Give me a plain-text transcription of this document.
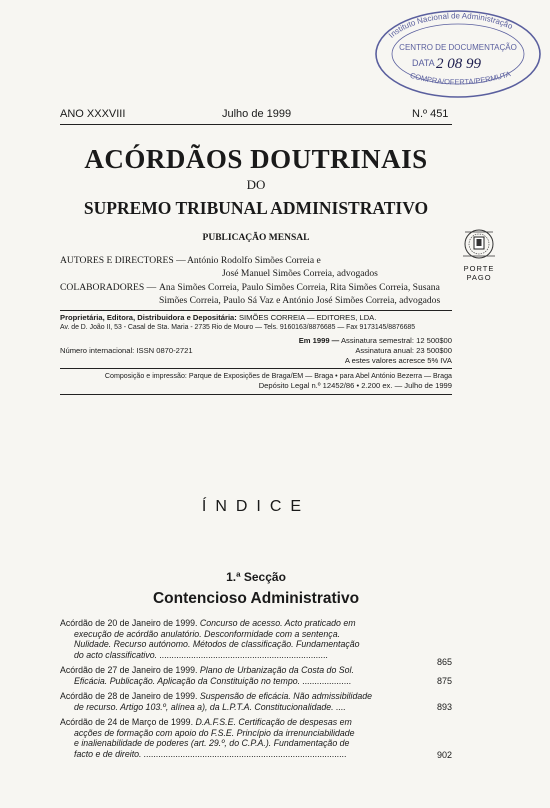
Instituto Nacional de Administração
CENTRO DE DOCUMENTAÇÃO
DATA 2 08 99
COMPRA/OFERTA/PERMUTA
ANO XXXVIII	Julho de 1999	N.º 451
ACÓRDÃOS DOUTRINAIS
DO
SUPREMO TRIBUNAL ADMINISTRATIVO
PUBLICAÇÃO MENSAL
AUTORES E DIRECTORES — António Rodolfo Simões Correia e
José Manuel Simões Correia, advogados
COLABORADORES — Ana Simões Correia, Paulo Simões Correia, Rita Simões Correia, Susana
Simões Correia, Paulo Sá Vaz e António José Simões Correia, advogados
PORTE
PAGO
Proprietária, Editora, Distribuidora e Depositária: SIMÕES CORREIA — EDITORES, LDA.
Av. de D. João II, 53 - Casal de Sta. Maria - 2735 Rio de Mouro — Tels. 9160163/8876685 — Fax 9173145/8876685
Em 1999 — Assinatura semestral: 12 500$00
Número internacional: ISSN 0870-2721	Assinatura anual: 23 500$00
A estes valores acresce 5% IVA
Composição e impressão: Parque de Exposições de Braga/EM — Braga • para Abel António Bezerra — Braga
Depósito Legal n.º 12452/86 • 2.200 ex. — Julho de 1999
ÍNDICE
1.ª Secção
Contencioso Administrativo
Acórdão de 20 de Janeiro de 1999. Concurso de acesso. Acto praticado em
execução de acórdão anulatório. Desconformidade com a sentença.
Nulidade. Recurso autónomo. Métodos de classificação. Fundamentação
do acto classificativo. .....................................................................
865
Acórdão de 27 de Janeiro de 1999. Plano de Urbanização da Costa do Sol.
Eficácia. Publicação. Aplicação da Constituição no tempo. ....................	875
Acórdão de 28 de Janeiro de 1999. Suspensão de eficácia. Não admissibilidade
de recurso. Artigo 103.º, alínea a), da L.P.T.A. Constitucionalidade. ....	893
Acórdão de 24 de Março de 1999. D.A.F.S.E. Certificação de despesas em
acções de formação com apoio do F.S.E. Princípio da irrenunciabilidade
e inalienabilidade de poderes (art. 29.º, do C.P.A.). Fundamentação de
facto e de direito. ...................................................................................	902
